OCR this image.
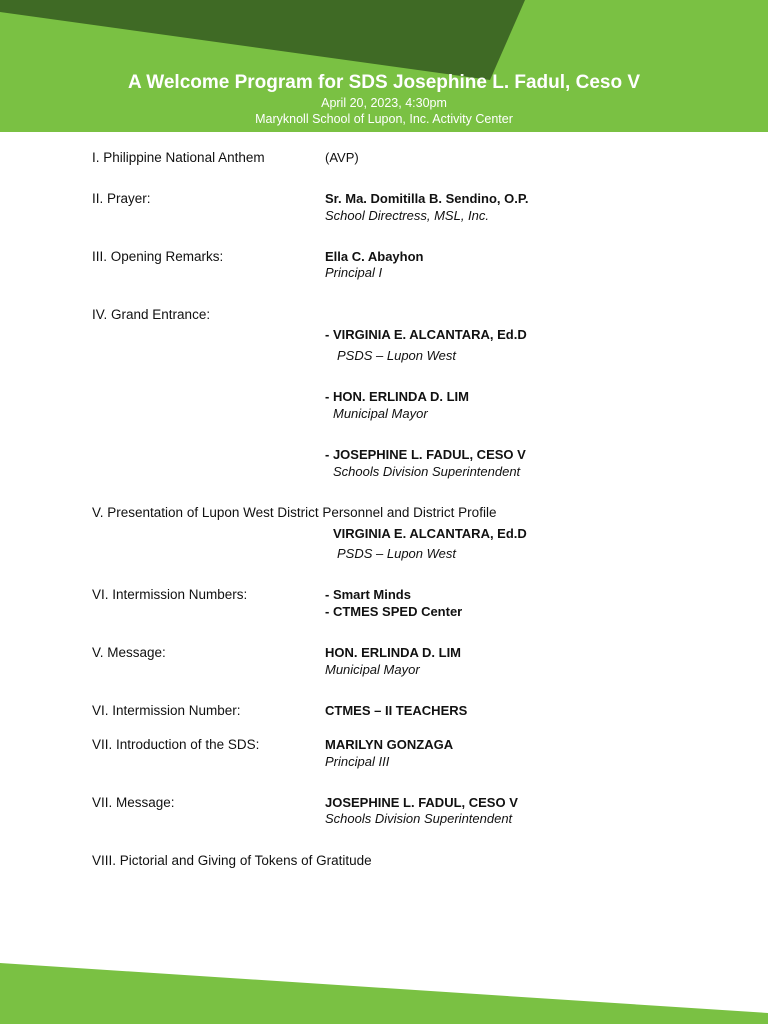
A Welcome Program for SDS Josephine L. Fadul, Ceso V
April 20, 2023, 4:30pm
Maryknoll School of Lupon, Inc. Activity Center
I. Philippine National Anthem	(AVP)
II. Prayer:	Sr. Ma. Domitilla B. Sendino, O.P.
School Directress, MSL, Inc.
III. Opening Remarks:	Ella C. Abayhon
Principal I
IV. Grand Entrance:
- VIRGINIA E. ALCANTARA, Ed.D
PSDS – Lupon West
- HON. ERLINDA D. LIM
Municipal Mayor
- JOSEPHINE L. FADUL, CESO V
Schools Division Superintendent
V. Presentation of Lupon West District Personnel and District Profile
VIRGINIA E. ALCANTARA, Ed.D
PSDS – Lupon West
VI. Intermission Numbers:	- Smart Minds
- CTMES SPED Center
V. Message:	HON. ERLINDA D. LIM
Municipal Mayor
VI. Intermission Number:	CTMES – II TEACHERS
VII. Introduction of the SDS:	MARILYN GONZAGA
Principal III
VII. Message:	JOSEPHINE L. FADUL, CESO V
Schools Division Superintendent
VIII. Pictorial and Giving of Tokens of Gratitude
